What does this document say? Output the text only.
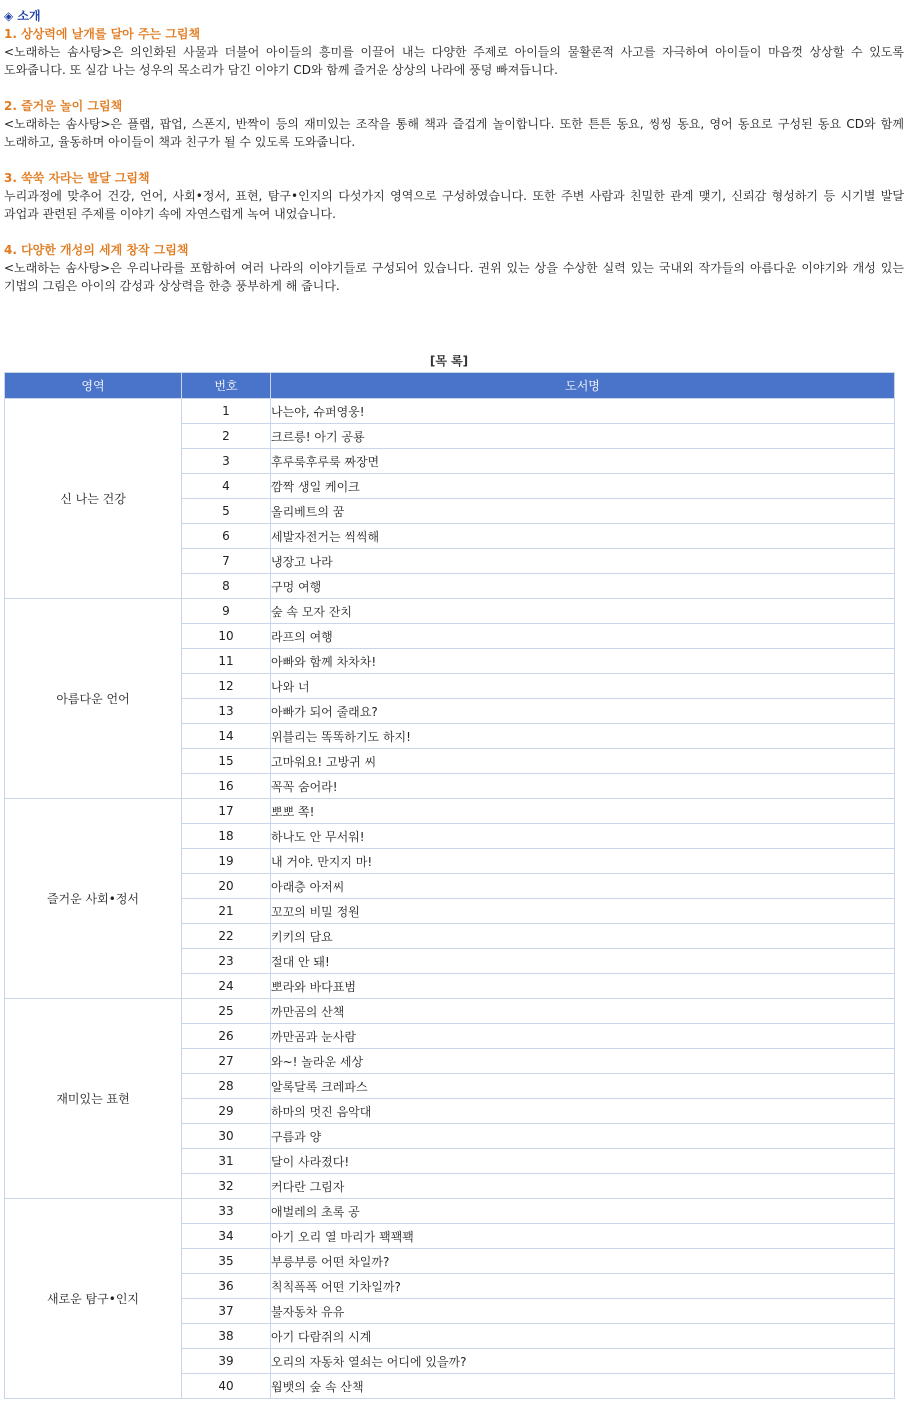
◈ 소개
1. 상상력에 날개를 달아 주는 그림책
<노래하는 솜사탕>은 의인화된 사물과 더불어 아이들의 흥미를 이끌어 내는 다양한 주제로 아이들의 물활론적 사고를 자극하여 아이들이 마음껏 상상할 수 있도록 도와줍니다. 또 실감 나는 성우의 목소리가 담긴 이야기 CD와 함께 즐거운 상상의 나라에 풍덩 빠져듭니다.
2. 즐거운 놀이 그림책
<노래하는 솜사탕>은 플랩, 팝업, 스폰지, 반짝이 등의 재미있는 조작을 통해 책과 즐겁게 놀이합니다. 또한 튼튼 동요, 씽씽 동요, 영어 동요로 구성된 동요 CD와 함께 노래하고, 율동하며 아이들이 책과 친구가 될 수 있도록 도와줍니다.
3. 쑥쑥 자라는 발달 그림책
누리과정에 맞추어 건강, 언어, 사회•정서, 표현, 탐구•인지의 다섯가지 영역으로 구성하였습니다. 또한 주변 사람과 친밀한 관계 맺기, 신뢰감 형성하기 등 시기별 발달 과업과 관련된 주제를 이야기 속에 자연스럽게 녹여 내었습니다.
4. 다양한 개성의 세계 창작 그림책
<노래하는 솜사탕>은 우리나라를 포함하여 여러 나라의 이야기들로 구성되어 있습니다. 권위 있는 상을 수상한 실력 있는 국내외 작가들의 아름다운 이야기와 개성 있는 기법의 그림은 아이의 감성과 상상력을 한층 풍부하게 해 줍니다.
[목 록]
영역	번호	도서명
신 나는 건강	1	나는야, 슈퍼영웅!
	2	크르릉! 아기 공룡
	3	후루룩후루룩 짜장면
	4	깜짝 생일 케이크
	5	올리베트의 꿈
	6	세발자전거는 씩씩해
	7	냉장고 나라
	8	구멍 여행
아름다운 언어	9	숲 속 모자 잔치
	10	라프의 여행
	11	아빠와 함께 차차차!
	12	나와 너
	13	아빠가 되어 줄래요?
	14	위블리는 똑똑하기도 하지!
	15	고마워요! 고방귀 씨
	16	꼭꼭 숨어라!
즐거운 사회•정서	17	뽀뽀 쪽!
	18	하나도 안 무서워!
	19	내 거야. 만지지 마!
	20	아래층 아저씨
	21	꼬꼬의 비밀 정원
	22	키키의 담요
	23	절대 안 돼!
	24	뽀라와 바다표범
재미있는 표현	25	까만곰의 산책
	26	까만곰과 눈사람
	27	와~! 놀라운 세상
	28	알록달록 크레파스
	29	하마의 멋진 음악대
	30	구름과 양
	31	달이 사라졌다!
	32	커다란 그림자
새로운 탐구•인지	33	애벌레의 초록 공
	34	아기 오리 열 마리가 꽥꽥꽥
	35	부릉부릉 어떤 차일까?
	36	칙칙폭폭 어떤 기차일까?
	37	불자동차 유유
	38	아기 다람쥐의 시계
	39	오리의 자동차 열쇠는 어디에 있을까?
	40	웜뱃의 숲 속 산책
